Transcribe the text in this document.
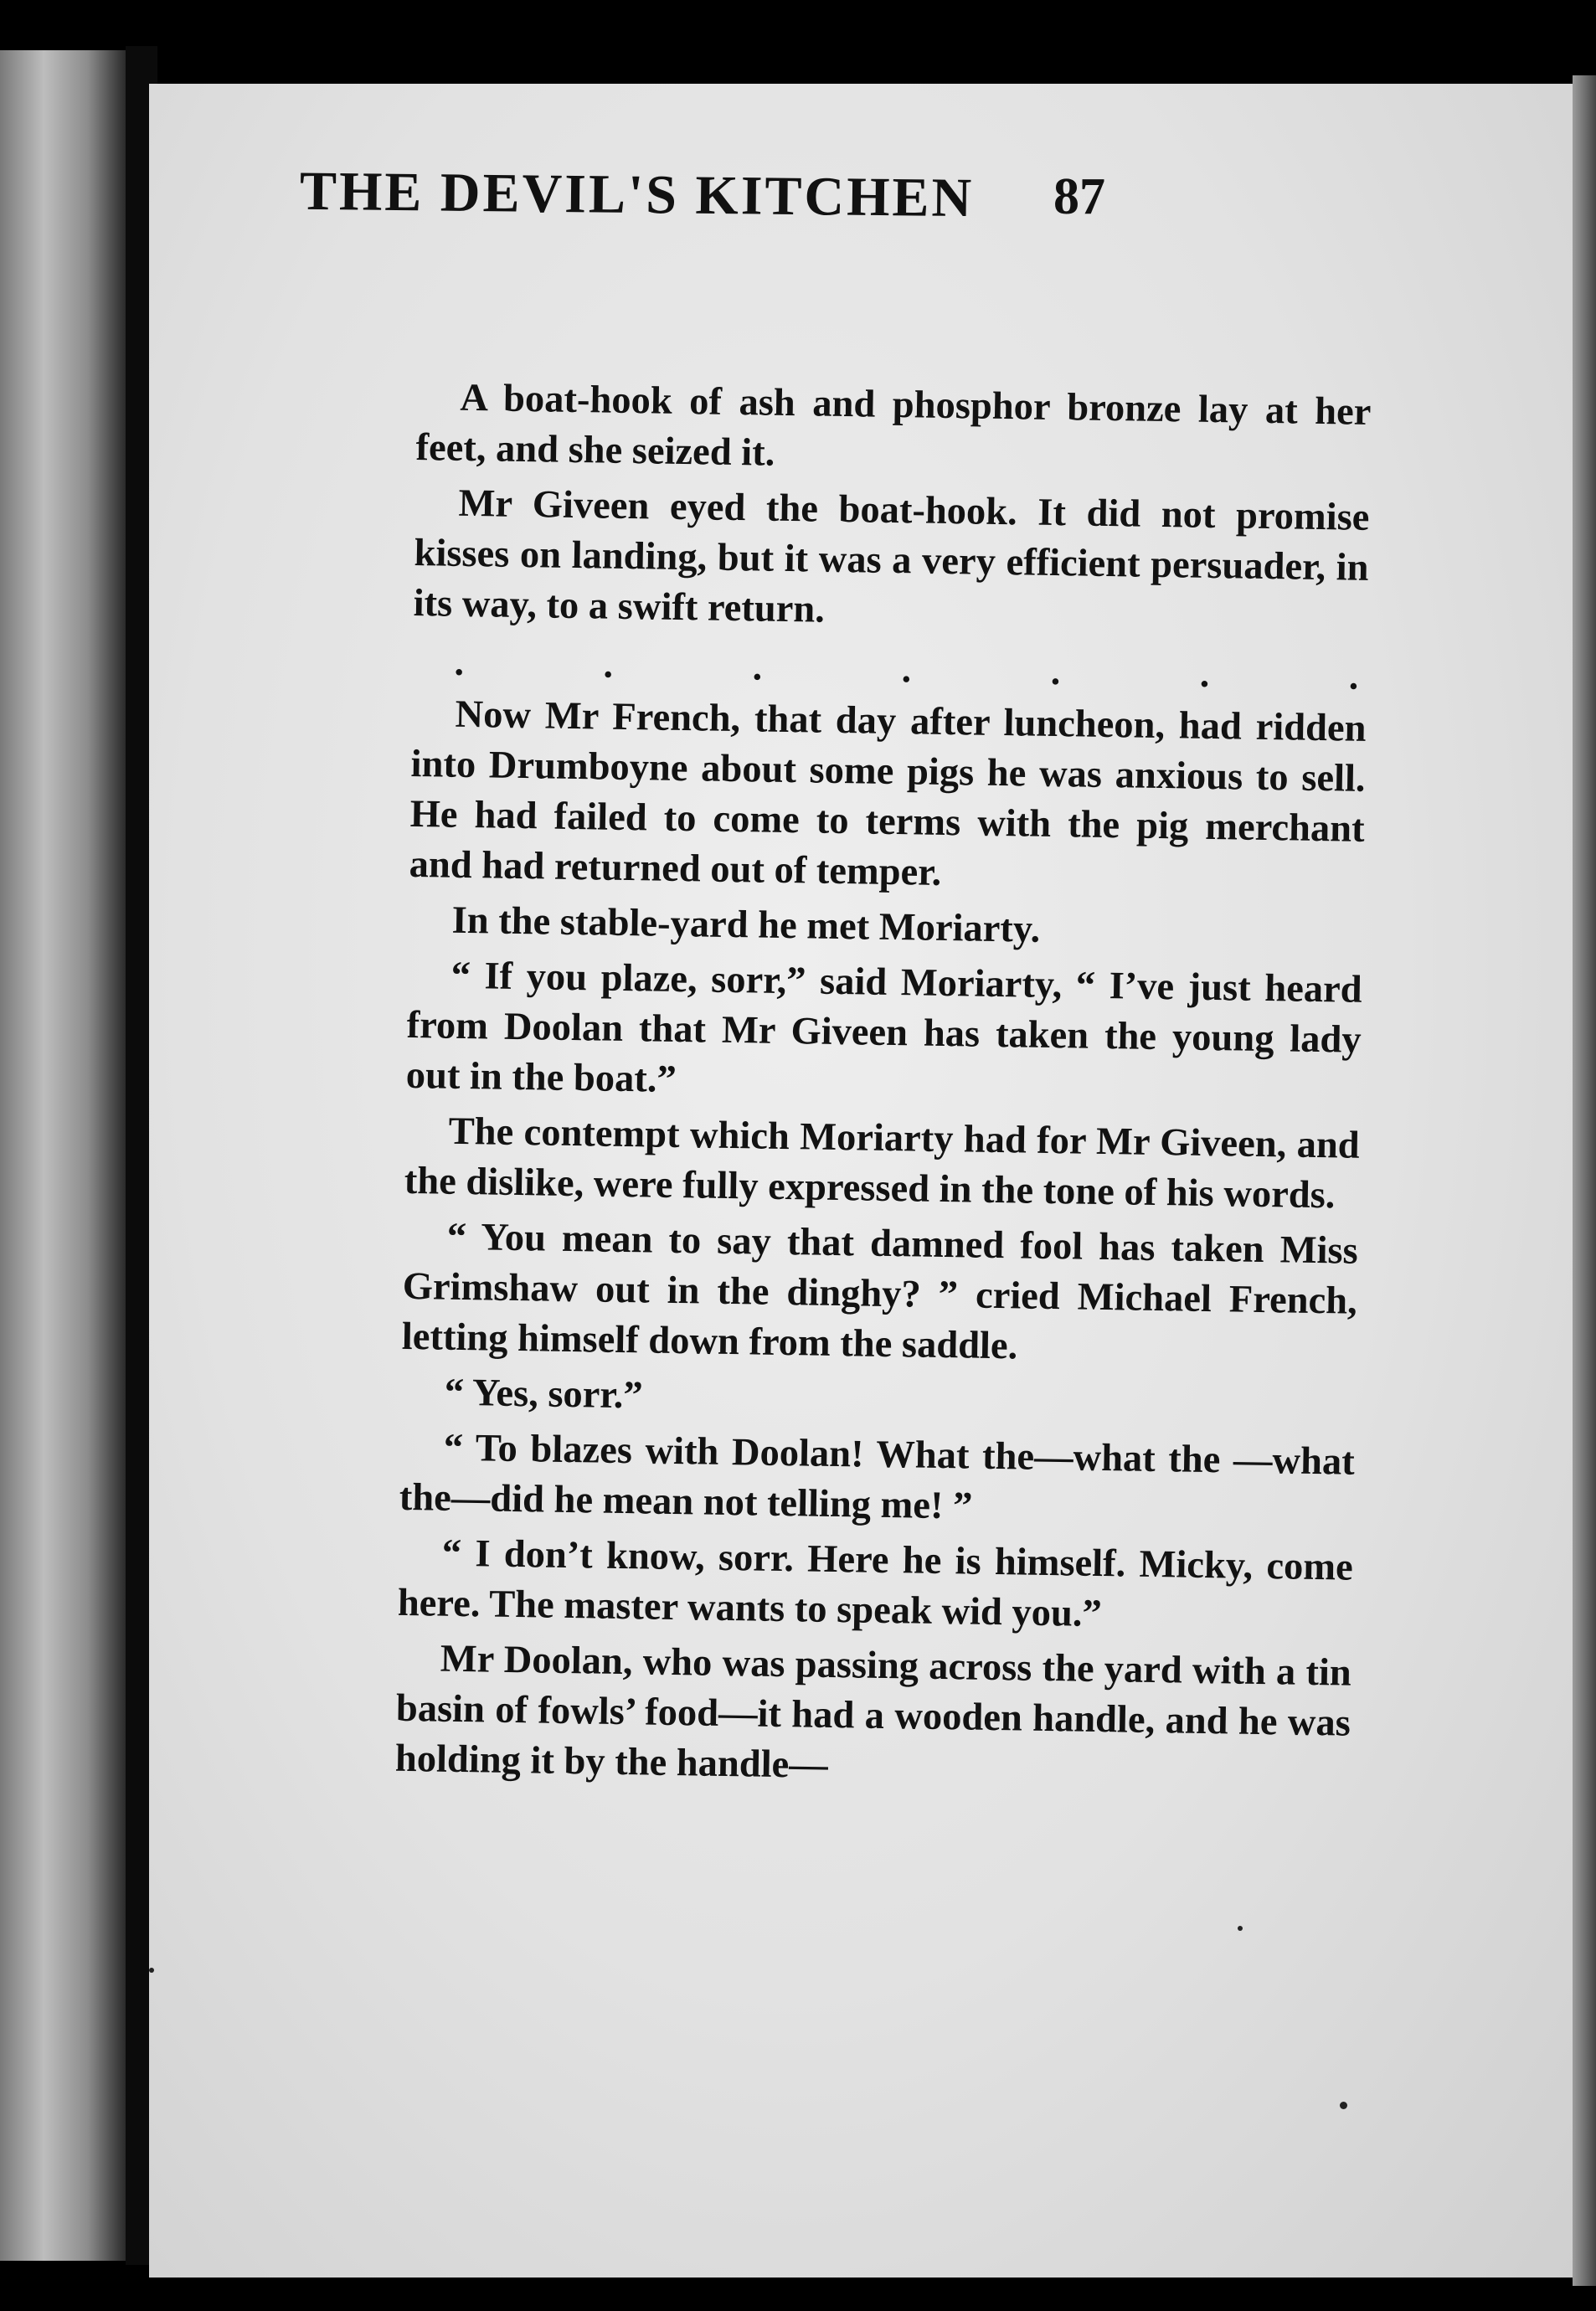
THE DEVIL'S KITCHEN 87

A boat-hook of ash and phosphor bronze lay at her feet, and she seized it.

Mr Giveen eyed the boat-hook. It did not promise kisses on landing, but it was a very efficient persuader, in its way, to a swift return.

.	.	.	.	.	.	.

Now Mr French, that day after luncheon, had ridden into Drumboyne about some pigs he was anxious to sell. He had failed to come to terms with the pig merchant and had returned out of temper.

In the stable-yard he met Moriarty.

“ If you plaze, sorr,” said Moriarty, “ I’ve just heard from Doolan that Mr Giveen has taken the young lady out in the boat.”

The contempt which Moriarty had for Mr Giveen, and the dislike, were fully expressed in the tone of his words.

“ You mean to say that damned fool has taken Miss Grimshaw out in the dinghy? ” cried Michael French, letting himself down from the saddle.

“ Yes, sorr.”

“ To blazes with Doolan! What the—what the —what the—did he mean not telling me! ”

“ I don’t know, sorr. Here he is himself. Micky, come here. The master wants to speak wid you.”

Mr Doolan, who was passing across the yard with a tin basin of fowls’ food—it had a wooden handle, and he was holding it by the handle—
